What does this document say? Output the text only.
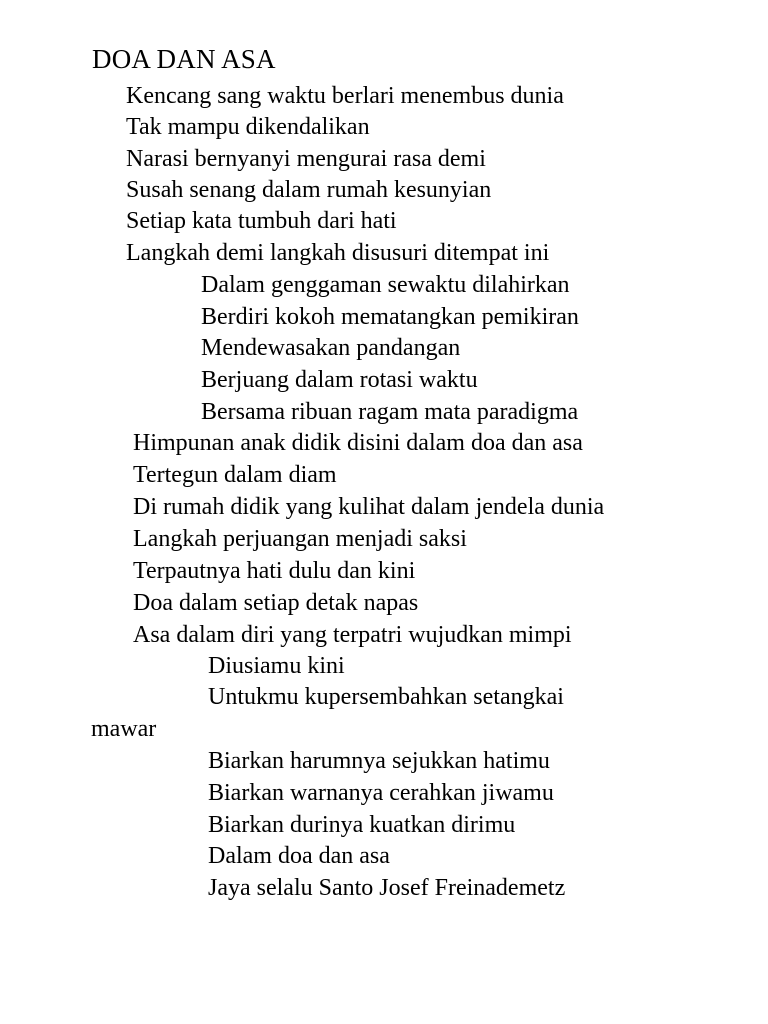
DOA DAN ASA
Kencang sang waktu berlari menembus dunia
Tak mampu dikendalikan
Narasi bernyanyi mengurai rasa demi
Susah senang dalam rumah kesunyian
Setiap kata tumbuh dari hati
Langkah demi langkah disusuri ditempat ini
Dalam genggaman sewaktu dilahirkan
Berdiri kokoh mematangkan pemikiran
Mendewasakan pandangan
Berjuang dalam rotasi waktu
Bersama ribuan ragam mata paradigma
Himpunan anak didik disini dalam doa dan asa
Tertegun dalam diam
Di rumah didik yang kulihat dalam jendela dunia
Langkah perjuangan menjadi saksi
Terpautnya hati dulu dan kini
Doa dalam setiap detak napas
Asa dalam diri yang terpatri wujudkan mimpi
Diusiamu kini
Untukmu kupersembahkan setangkai
mawar
Biarkan harumnya sejukkan hatimu
Biarkan warnanya cerahkan jiwamu
Biarkan durinya kuatkan dirimu
Dalam doa dan asa
Jaya selalu Santo Josef Freinademetz
